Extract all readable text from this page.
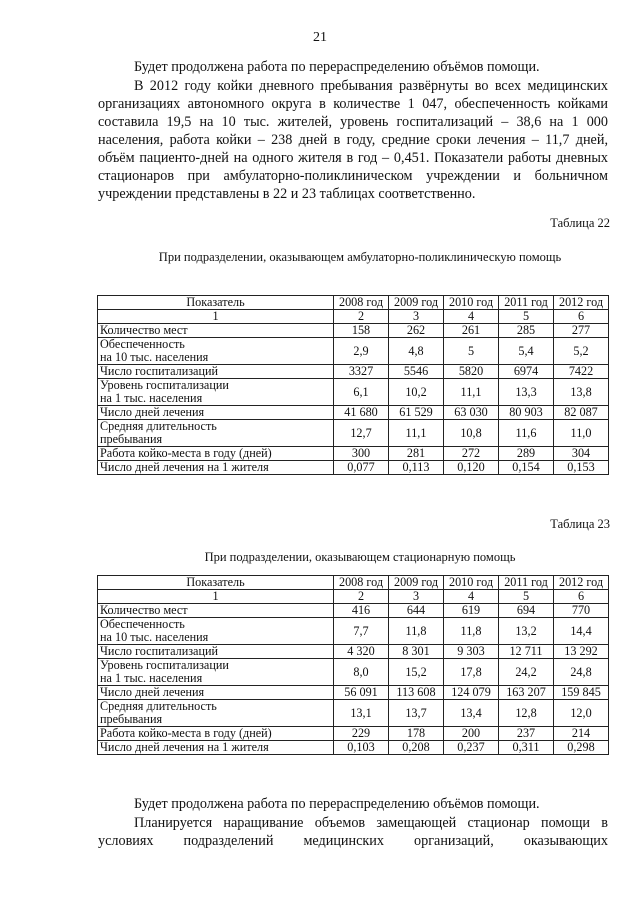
21

Будет продолжена работа по перераспределению объёмов помощи.

В 2012 году койки дневного пребывания развёрнуты во всех медицинских организациях автономного округа в количестве 1 047, обеспеченность койками составила 19,5 на 10 тыс. жителей, уровень госпитализаций – 38,6 на 1 000 населения, работа койки – 238 дней в году, средние сроки лечения – 11,7 дней, объём пациенто-дней на одного жителя в год – 0,451. Показатели работы дневных стационаров при амбулаторно-поликлиническом учреждении и больничном учреждении представлены в 22 и 23 таблицах соответственно.

Таблица 22
При подразделении, оказывающем амбулаторно-поликлиническую помощь
Показатель	2008 год	2009 год	2010 год	2011 год	2012 год
1	2	3	4	5	6
Количество мест	158	262	261	285	277
Обеспеченность
на 10 тыс. населения	2,9	4,8	5	5,4	5,2
Число госпитализаций	3327	5546	5820	6974	7422
Уровень госпитализации
на 1 тыс. населения	6,1	10,2	11,1	13,3	13,8
Число дней лечения	41 680	61 529	63 030	80 903	82 087
Средняя длительность
пребывания	12,7	11,1	10,8	11,6	11,0
Работа койко-места в году (дней)	300	281	272	289	304
Число дней лечения на 1 жителя	0,077	0,113	0,120	0,154	0,153
Таблица 23
При подразделении, оказывающем стационарную помощь
Показатель	2008 год	2009 год	2010 год	2011 год	2012 год
1	2	3	4	5	6
Количество мест	416	644	619	694	770
Обеспеченность
на 10 тыс. населения	7,7	11,8	11,8	13,2	14,4
Число госпитализаций	4 320	8 301	9 303	12 711	13 292
Уровень госпитализации
на 1 тыс. населения	8,0	15,2	17,8	24,2	24,8
Число дней лечения	56 091	113 608	124 079	163 207	159 845
Средняя длительность
пребывания	13,1	13,7	13,4	12,8	12,0
Работа койко-места в году (дней)	229	178	200	237	214
Число дней лечения на 1 жителя	0,103	0,208	0,237	0,311	0,298

Будет продолжена работа по перераспределению объёмов помощи.

Планируется наращивание объемов замещающей стационар помощи в условиях подразделений медицинских организаций, оказывающих
